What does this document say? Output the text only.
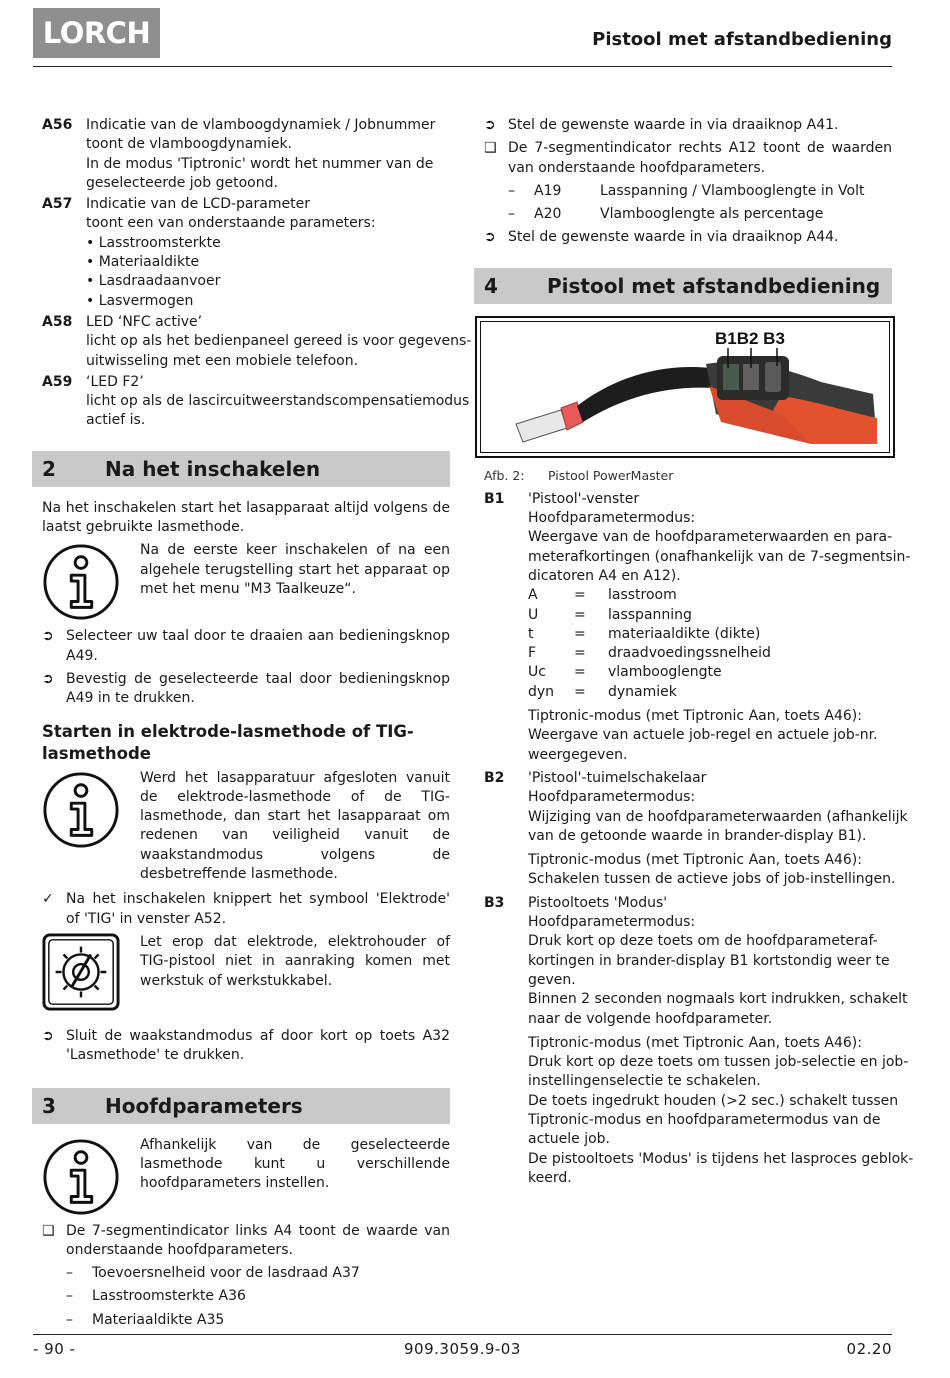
LORCH	Pistool met afstandbediening
A56 Indicatie van de vlamboogdynamiek / Jobnummer
toont de vlamboogdynamiek.
In de modus 'Tiptronic' wordt het nummer van de
geselecteerde job getoond.
A57 Indicatie van de LCD-parameter
toont een van onderstaande parameters:
• Lasstroomsterkte
• Materiaaldikte
• Lasdraadaanvoer
• Lasvermogen
A58 LED ‘NFC active’
licht op als het bedienpaneel gereed is voor gegevens-
uitwisseling met een mobiele telefoon.
A59 ‘LED F2’
licht op als de lascircuitweerstandscompensatiemodus
actief is.
2 Na het inschakelen
Na het inschakelen start het lasapparaat altijd volgens de laatst gebruikte lasmethode.
Na de eerste keer inschakelen of na een algehele terugstelling start het apparaat op met het menu "M3 Taalkeuze“.
➲ Selecteer uw taal door te draaien aan bedieningsknop A49.
➲ Bevestig de geselecteerde taal door bedieningsknop A49 in te drukken.
Starten in elektrode-lasmethode of TIG-lasmethode
Werd het lasapparatuur afgesloten vanuit de elektrode-lasmethode of de TIG-lasmethode, dan start het lasapparaat om redenen van veiligheid vanuit de waakstandmodus volgens de desbetreffende lasmethode.
✓ Na het inschakelen knippert het symbool 'Elektrode' of 'TIG' in venster A52.
Let erop dat elektrode, elektrohouder of TIG-pistool niet in aanraking komen met werkstuk of werkstukkabel.
➲ Sluit de waakstandmodus af door kort op toets A32 'Lasmethode' te drukken.
3 Hoofdparameters
Afhankelijk van de geselecteerde lasmethode kunt u verschillende hoofdparameters instellen.
❑ De 7-segmentindicator links A4 toont de waarde van onderstaande hoofdparameters.
– Toevoersnelheid voor de lasdraad A37
– Lasstroomsterkte A36
– Materiaaldikte A35
➲ Stel de gewenste waarde in via draaiknop A41.
❑ De 7-segmentindicator rechts A12 toont de waarden van onderstaande hoofdparameters.
– A19	Lasspanning / Vlambooglengte in Volt
– A20	Vlambooglengte als percentage
➲ Stel de gewenste waarde in via draaiknop A44.
4 Pistool met afstandbediening
B1B2 B3
Afb. 2: Pistool PowerMaster
B1 'Pistool'-venster
Hoofdparametermodus:
Weergave van de hoofdparameterwaarden en para-
meterafkortingen (onafhankelijk van de 7-segmentsin-
dicatoren A4 en A12).
A	=	lasstroom
U	=	lasspanning
t	=	materiaaldikte (dikte)
F	=	draadvoedingssnelheid
Uc	=	vlambooglengte
dyn	=	dynamiek
Tiptronic-modus (met Tiptronic Aan, toets A46):
Weergave van actuele job-regel en actuele job-nr.
weergegeven.
B2 'Pistool'-tuimelschakelaar
Hoofdparametermodus:
Wijziging van de hoofdparameterwaarden (afhankelijk
van de getoonde waarde in brander-display B1).
Tiptronic-modus (met Tiptronic Aan, toets A46):
Schakelen tussen de actieve jobs of job-instellingen.
B3 Pistooltoets 'Modus'
Hoofdparametermodus:
Druk kort op deze toets om de hoofdparameteraf-
kortingen in brander-display B1 kortstondig weer te
geven.
Binnen 2 seconden nogmaals kort indrukken, schakelt
naar de volgende hoofdparameter.
Tiptronic-modus (met Tiptronic Aan, toets A46):
Druk kort op deze toets om tussen job-selectie en job-
instellingenselectie te schakelen.
De toets ingedrukt houden (>2 sec.) schakelt tussen
Tiptronic-modus en hoofdparametermodus van de
actuele job.
De pistooltoets 'Modus' is tijdens het lasproces geblok-
keerd.
- 90 -	909.3059.9-03	02.20
